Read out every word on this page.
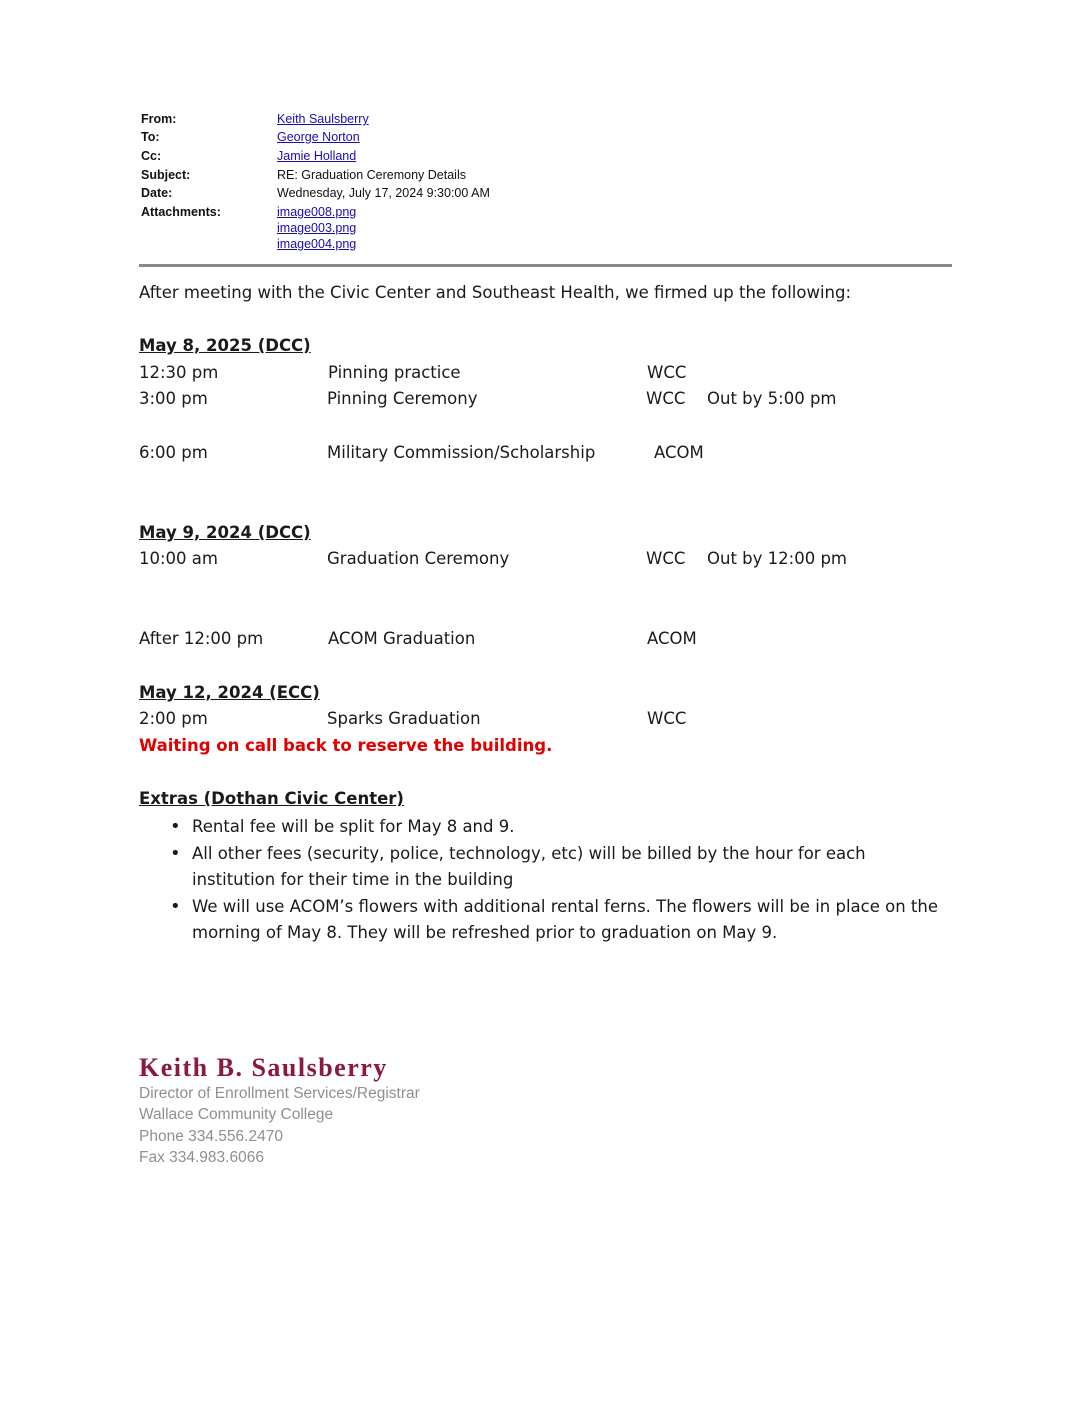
From:	Keith Saulsberry
To:	George Norton
Cc:	Jamie Holland
Subject:	RE: Graduation Ceremony Details
Date:	Wednesday, July 17, 2024 9:30:00 AM
Attachments:	image008.png
image003.png
image004.png
After meeting with the Civic Center and Southeast Health, we firmed up the following:
May 8, 2025 (DCC)
12:30 pm	Pinning practice	WCC
3:00 pm	Pinning Ceremony	WCC Out by 5:00 pm
6:00 pm	Military Commission/Scholarship	ACOM
May 9, 2024 (DCC)
10:00 am	Graduation Ceremony	WCC Out by 12:00 pm
After 12:00 pm	ACOM Graduation	ACOM
May 12, 2024 (ECC)
2:00 pm	Sparks Graduation	WCC
Waiting on call back to reserve the building.
Extras (Dothan Civic Center)
• Rental fee will be split for May 8 and 9.
• All other fees (security, police, technology, etc) will be billed by the hour for each institution for their time in the building
• We will use ACOM’s flowers with additional rental ferns. The flowers will be in place on the morning of May 8. They will be refreshed prior to graduation on May 9.
Keith B. Saulsberry
Director of Enrollment Services/Registrar
Wallace Community College
Phone 334.556.2470
Fax 334.983.6066
